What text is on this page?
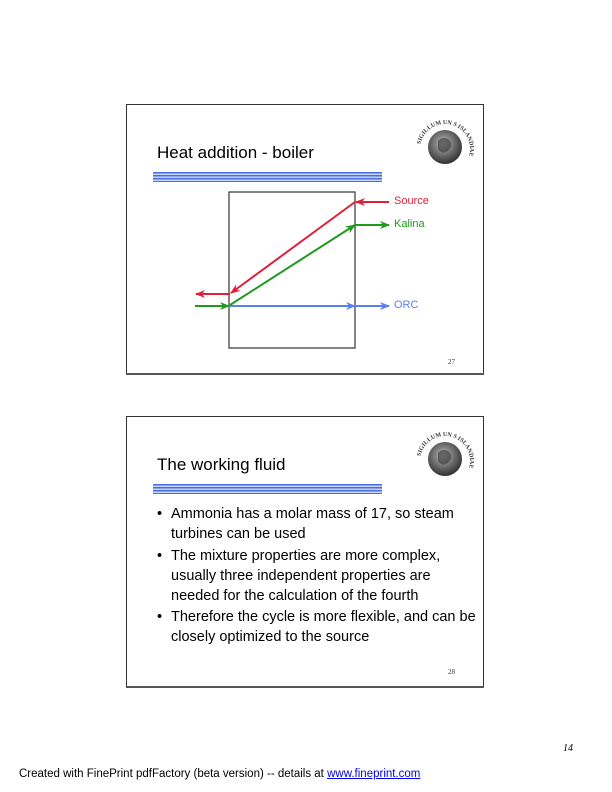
Heat addition - boiler
SIGILLUM UN S ISLANDIAE
Source
Kalina
ORC
27
The working fluid
SIGILLUM UN S ISLANDIAE
• Ammonia has a molar mass of 17, so steam turbines can be used
• The mixture properties are more complex, usually three independent properties are needed for the calculation of the fourth
• Therefore the cycle is more flexible, and can be closely optimized to the source
28
14
Created with FinePrint pdfFactory (beta version) -- details at www.fineprint.com
